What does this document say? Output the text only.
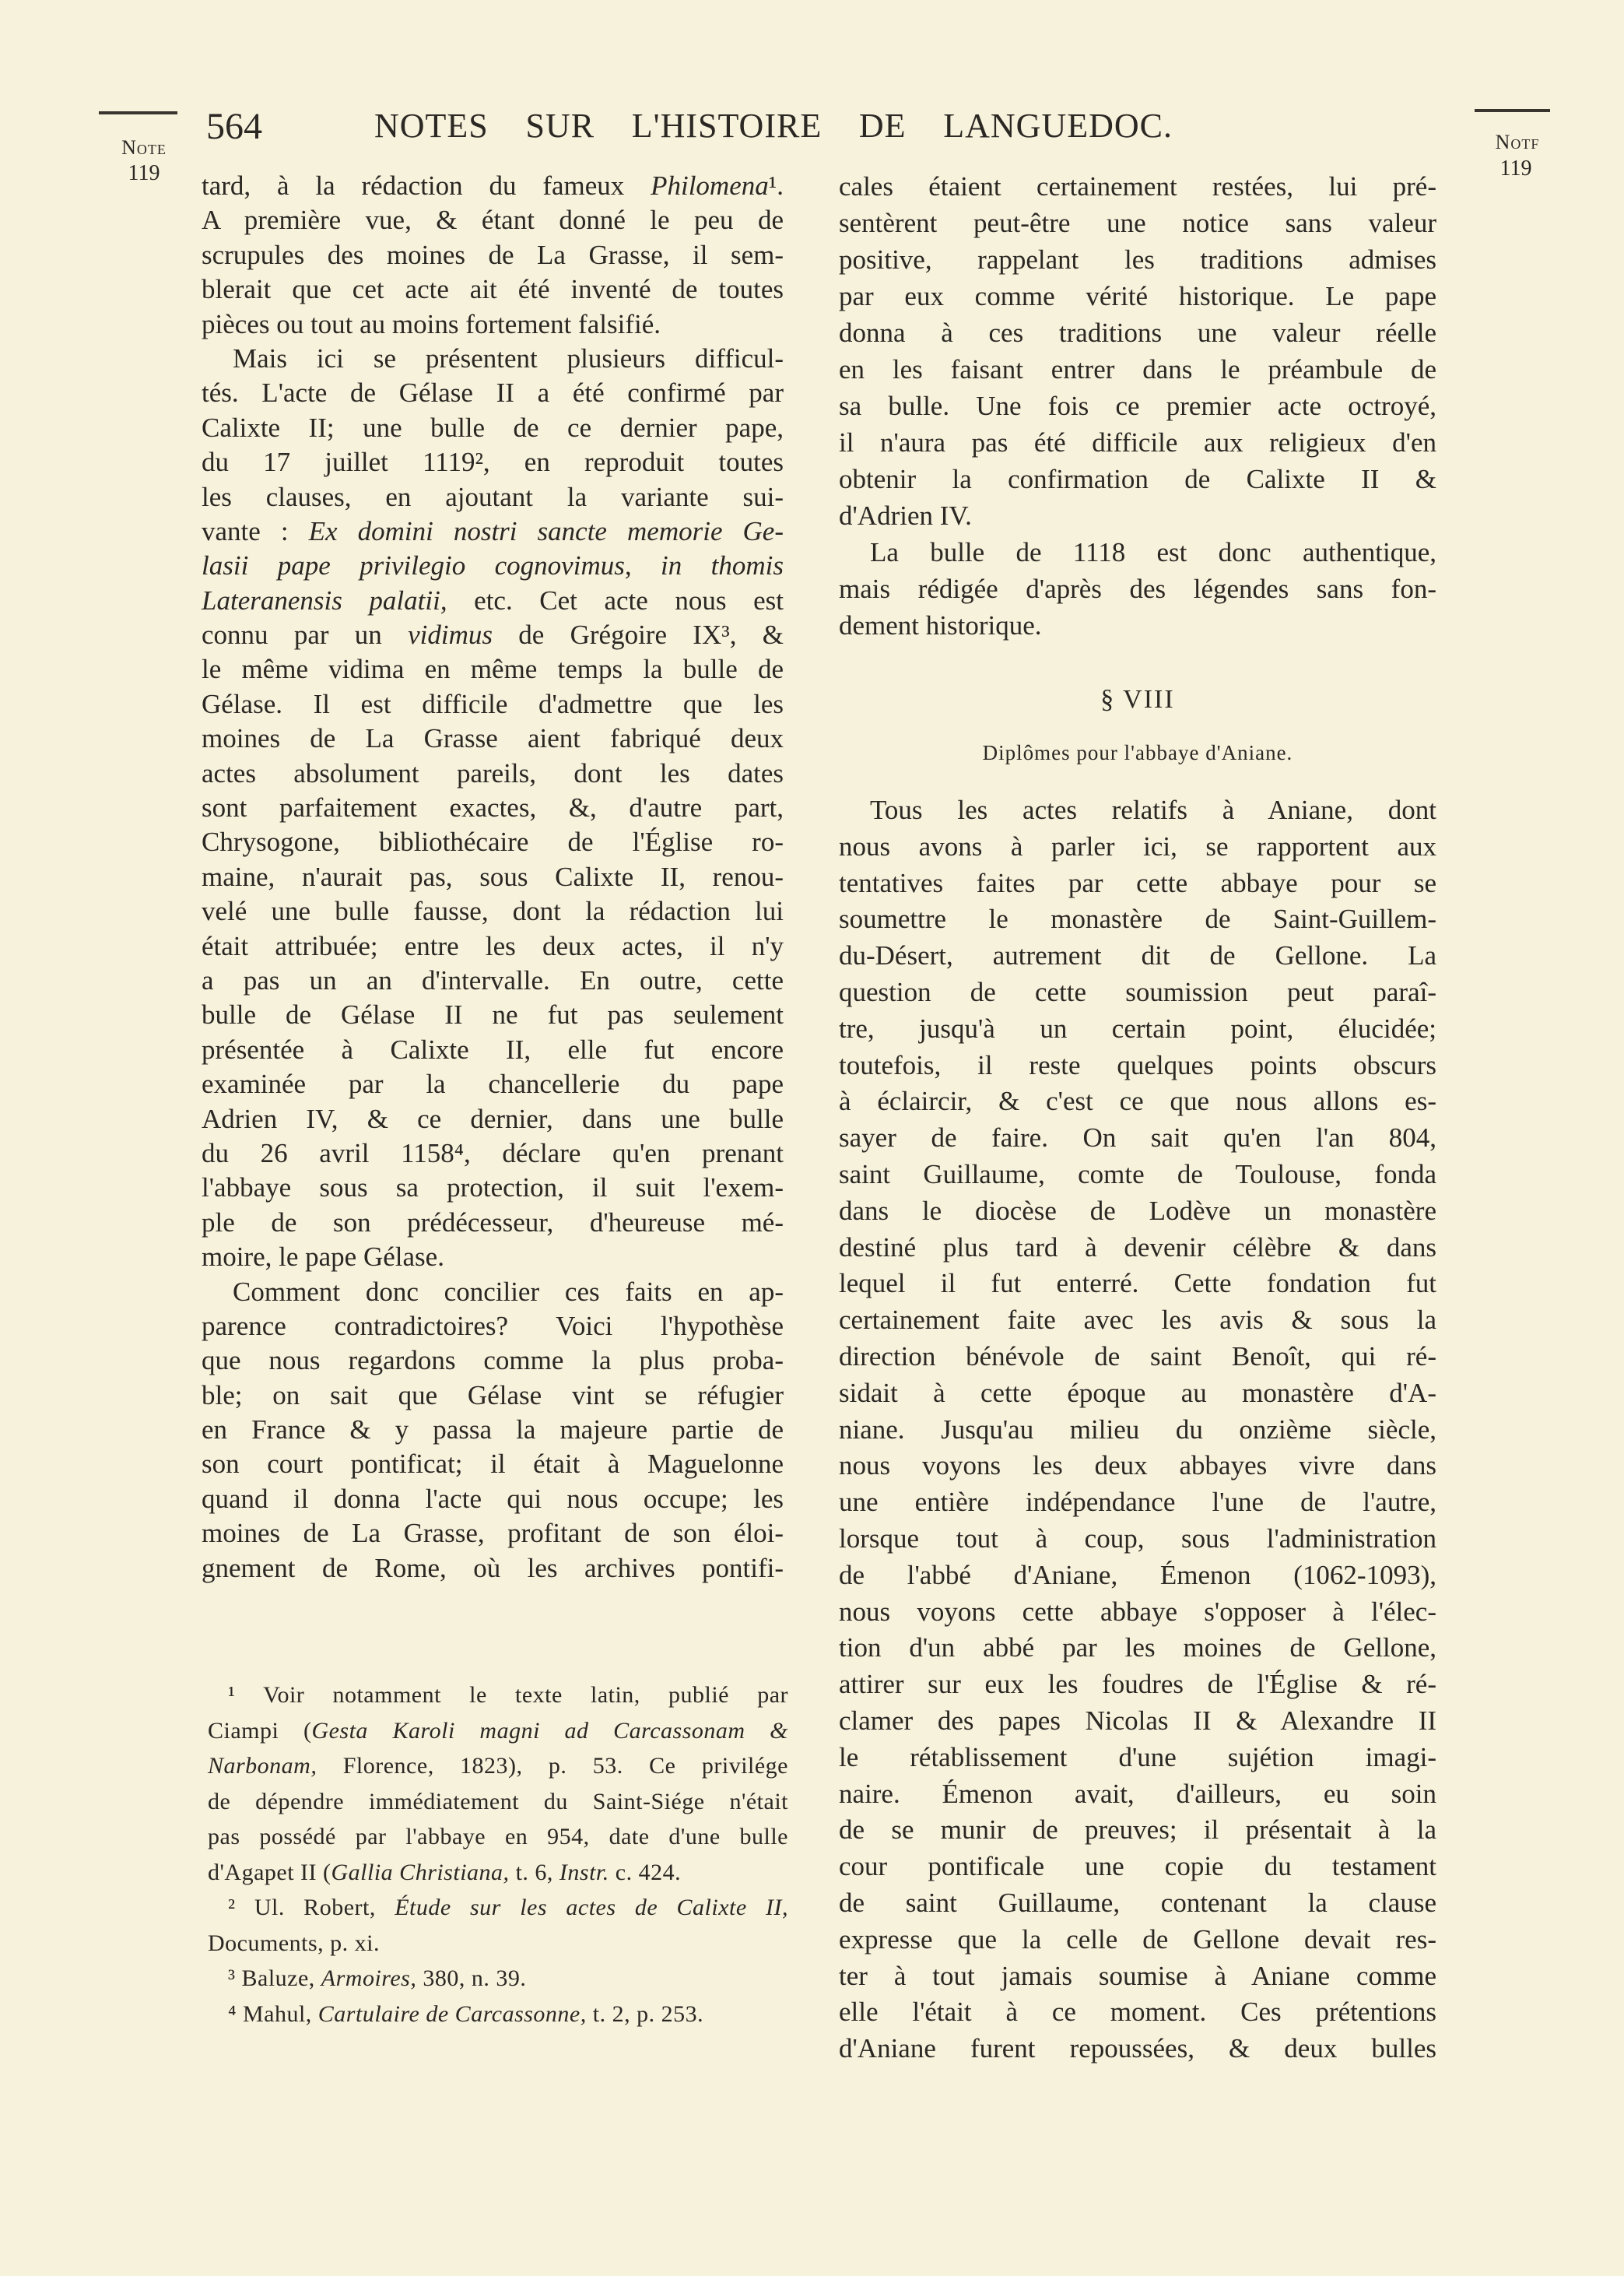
Note
119
Notf
119
564	NOTES SUR L'HISTOIRE DE LANGUEDOC.
tard, à la rédaction du fameux Philomena¹.
A première vue, & étant donné le peu de
scrupules des moines de La Grasse, il sem-
blerait que cet acte ait été inventé de toutes
pièces ou tout au moins fortement falsifié.
Mais ici se présentent plusieurs difficul-
tés. L'acte de Gélase II a été confirmé par
Calixte II; une bulle de ce dernier pape,
du 17 juillet 1119², en reproduit toutes
les clauses, en ajoutant la variante sui-
vante : Ex domini nostri sancte memorie Ge-
lasii pape privilegio cognovimus, in thomis
Lateranensis palatii, etc. Cet acte nous est
connu par un vidimus de Grégoire IX³, &
le même vidima en même temps la bulle de
Gélase. Il est difficile d'admettre que les
moines de La Grasse aient fabriqué deux
actes absolument pareils, dont les dates
sont parfaitement exactes, &, d'autre part,
Chrysogone, bibliothécaire de l'Église ro-
maine, n'aurait pas, sous Calixte II, renou-
velé une bulle fausse, dont la rédaction lui
était attribuée; entre les deux actes, il n'y
a pas un an d'intervalle. En outre, cette
bulle de Gélase II ne fut pas seulement
présentée à Calixte II, elle fut encore
examinée par la chancellerie du pape
Adrien IV, & ce dernier, dans une bulle
du 26 avril 1158⁴, déclare qu'en prenant
l'abbaye sous sa protection, il suit l'exem-
ple de son prédécesseur, d'heureuse mé-
moire, le pape Gélase.
Comment donc concilier ces faits en ap-
parence contradictoires? Voici l'hypothèse
que nous regardons comme la plus proba-
ble; on sait que Gélase vint se réfugier
en France & y passa la majeure partie de
son court pontificat; il était à Maguelonne
quand il donna l'acte qui nous occupe; les
moines de La Grasse, profitant de son éloi-
gnement de Rome, où les archives pontifi-
cales étaient certainement restées, lui pré-
sentèrent peut-être une notice sans valeur
positive, rappelant les traditions admises
par eux comme vérité historique. Le pape
donna à ces traditions une valeur réelle
en les faisant entrer dans le préambule de
sa bulle. Une fois ce premier acte octroyé,
il n'aura pas été difficile aux religieux d'en
obtenir la confirmation de Calixte II &
d'Adrien IV.
La bulle de 1118 est donc authentique,
mais rédigée d'après des légendes sans fon-
dement historique.
§ VIII
Diplômes pour l'abbaye d'Aniane.
Tous les actes relatifs à Aniane, dont
nous avons à parler ici, se rapportent aux
tentatives faites par cette abbaye pour se
soumettre le monastère de Saint-Guillem-
du-Désert, autrement dit de Gellone. La
question de cette soumission peut paraî-
tre, jusqu'à un certain point, élucidée;
toutefois, il reste quelques points obscurs
à éclaircir, & c'est ce que nous allons es-
sayer de faire. On sait qu'en l'an 804,
saint Guillaume, comte de Toulouse, fonda
dans le diocèse de Lodève un monastère
destiné plus tard à devenir célèbre & dans
lequel il fut enterré. Cette fondation fut
certainement faite avec les avis & sous la
direction bénévole de saint Benoît, qui ré-
sidait à cette époque au monastère d'A-
niane. Jusqu'au milieu du onzième siècle,
nous voyons les deux abbayes vivre dans
une entière indépendance l'une de l'autre,
lorsque tout à coup, sous l'administration
de l'abbé d'Aniane, Émenon (1062-1093),
nous voyons cette abbaye s'opposer à l'élec-
tion d'un abbé par les moines de Gellone,
attirer sur eux les foudres de l'Église & ré-
clamer des papes Nicolas II & Alexandre II
le rétablissement d'une sujétion imagi-
naire. Émenon avait, d'ailleurs, eu soin
de se munir de preuves; il présentait à la
cour pontificale une copie du testament
de saint Guillaume, contenant la clause
expresse que la celle de Gellone devait res-
ter à tout jamais soumise à Aniane comme
elle l'était à ce moment. Ces prétentions
d'Aniane furent repoussées, & deux bulles
¹ Voir notamment le texte latin, publié par
Ciampi (Gesta Karoli magni ad Carcassonam &
Narbonam, Florence, 1823), p. 53. Ce privilége
de dépendre immédiatement du Saint-Siége n'était
pas possédé par l'abbaye en 954, date d'une bulle
d'Agapet II (Gallia Christiana, t. 6, Instr. c. 424.
² Ul. Robert, Étude sur les actes de Calixte II,
Documents, p. xi.
³ Baluze, Armoires, 380, n. 39.
⁴ Mahul, Cartulaire de Carcassonne, t. 2, p. 253.
